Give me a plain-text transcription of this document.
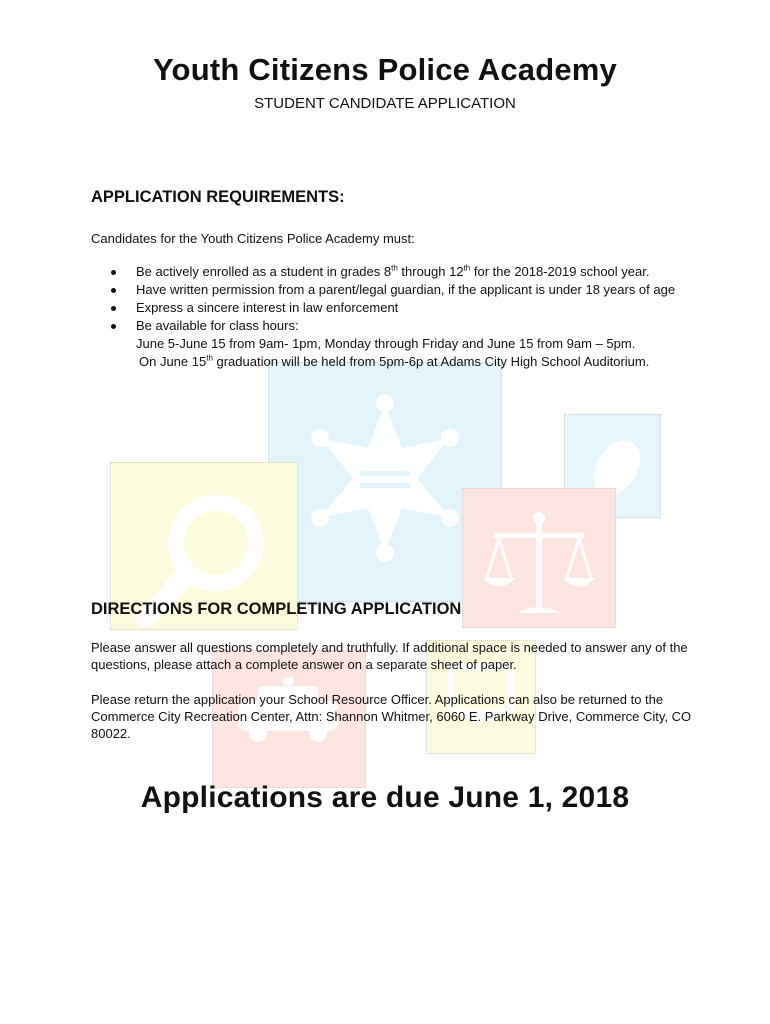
Youth Citizens Police Academy
STUDENT CANDIDATE APPLICATION
APPLICATION REQUIREMENTS:
Candidates for the Youth Citizens Police Academy must:
Be actively enrolled as a student in grades 8th through 12th for the 2018-2019 school year.
Have written permission from a parent/legal guardian, if the applicant is under 18 years of age
Express a sincere interest in law enforcement
Be available for class hours:
June 5-June 15 from 9am- 1pm, Monday through Friday and June 15 from 9am – 5pm.
On June 15th graduation will be held from 5pm-6p at Adams City High School Auditorium.
DIRECTIONS FOR COMPLETING APPLICATION
Please answer all questions completely and truthfully. If additional space is needed to answer any of the
questions, please attach a complete answer on a separate sheet of paper.
Please return the application your School Resource Officer. Applications can also be returned to the
Commerce City Recreation Center, Attn: Shannon Whitmer, 6060 E. Parkway Drive, Commerce City, CO
80022.
Applications are due June 1, 2018
